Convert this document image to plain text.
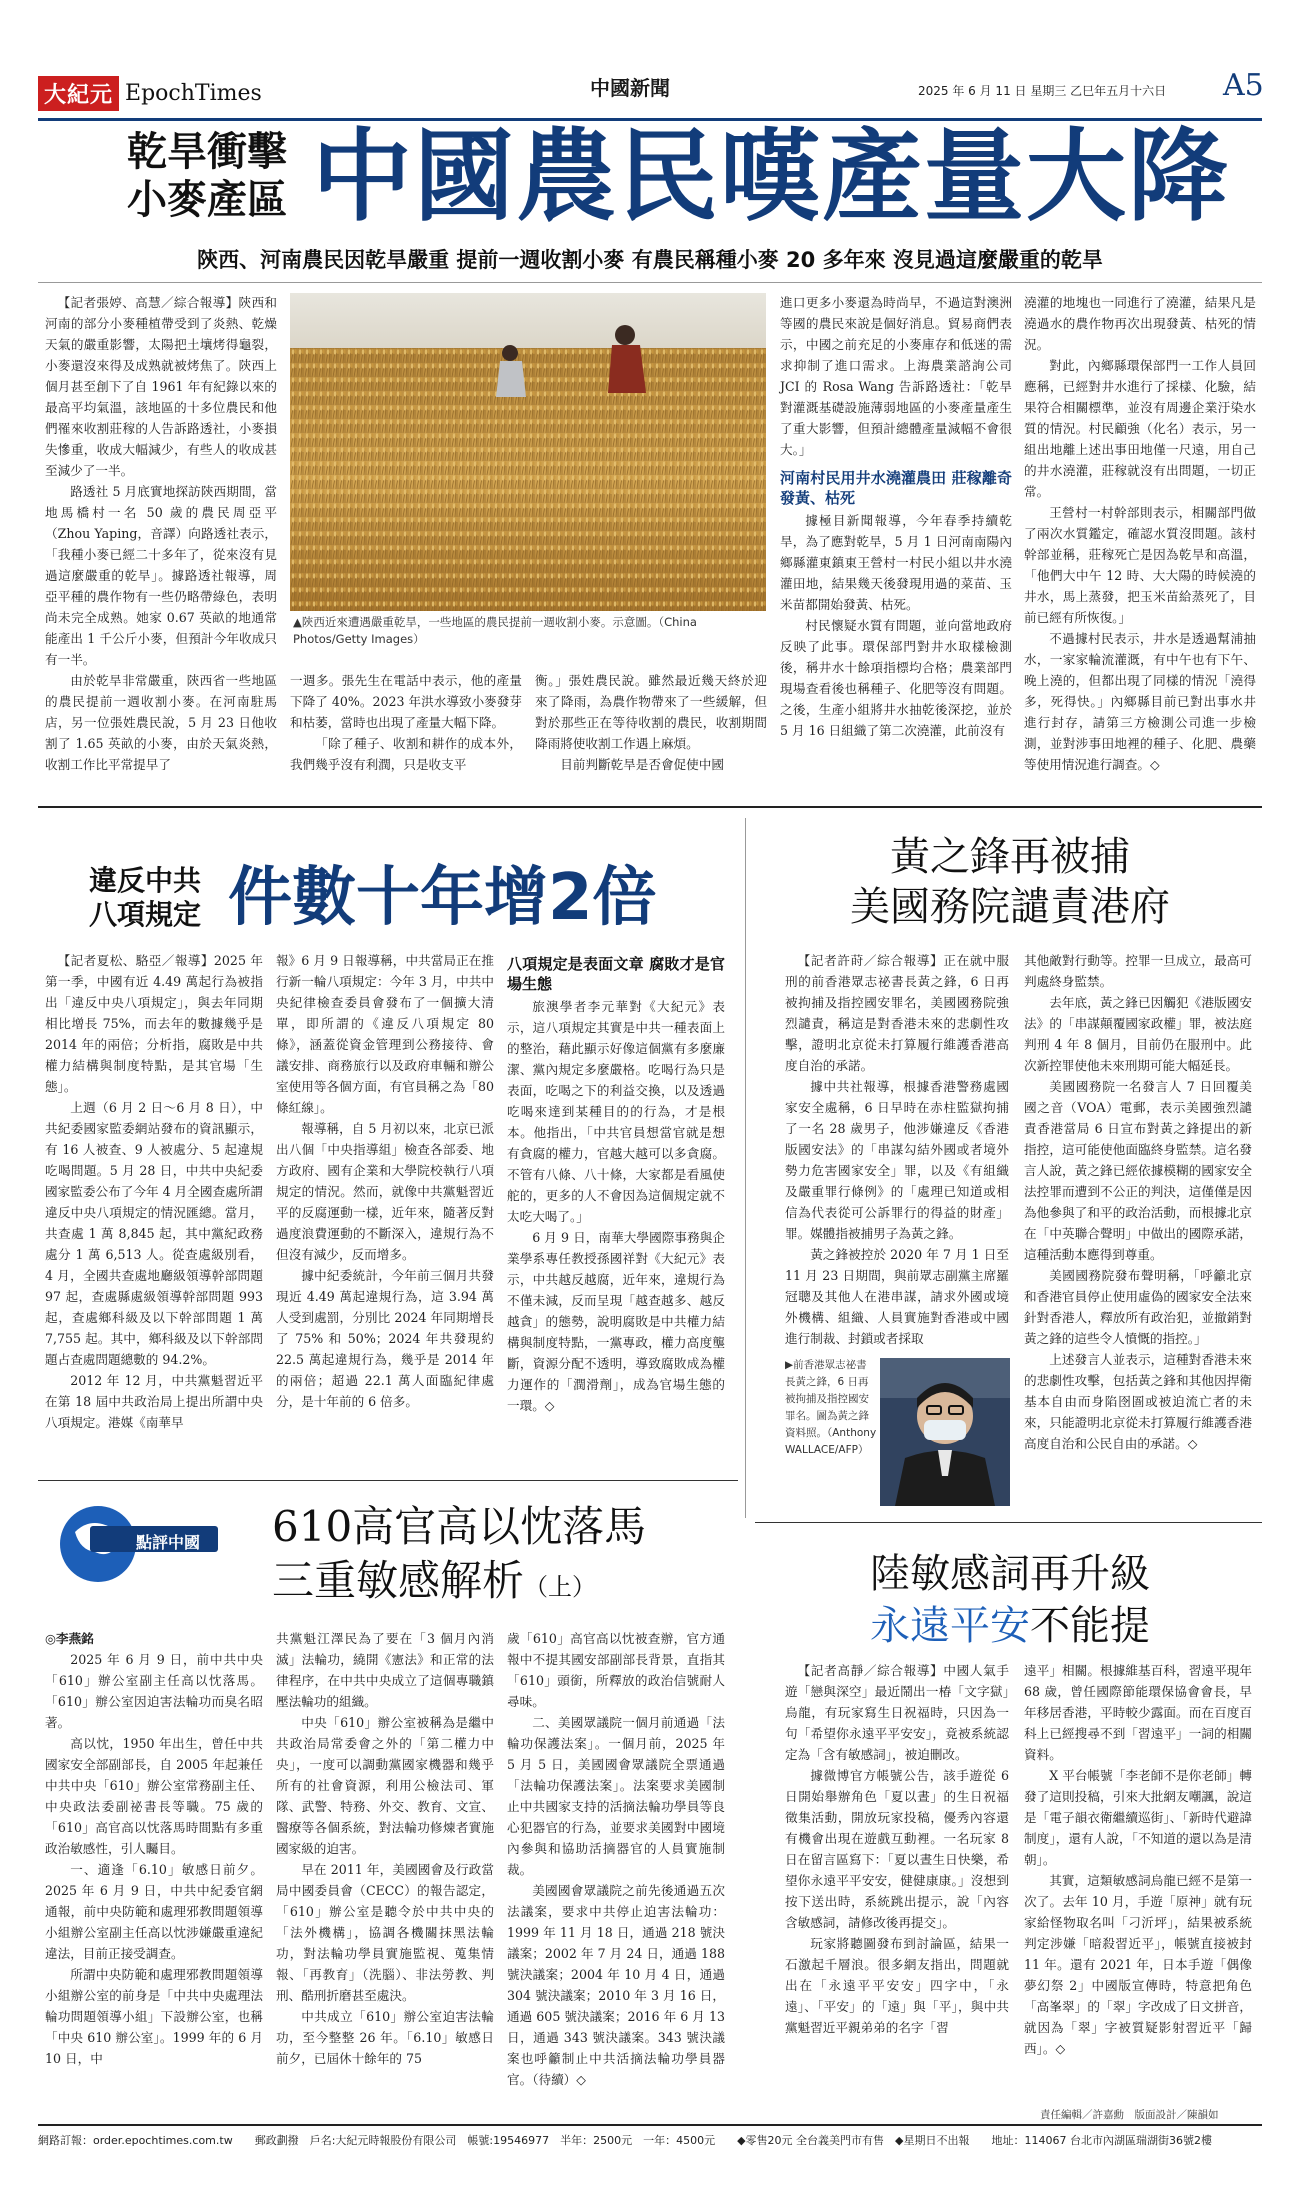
大紀元 EpochTimes	中國新聞	2025 年 6 月 11 日 星期三 乙巳年五月十六日 A5
乾旱衝擊
小麥產區 中國農民嘆產量大降
陝西、河南農民因乾旱嚴重 提前一週收割小麥 有農民稱種小麥 20 多年來 沒見過這麼嚴重的乾旱

【記者張婷、高慧／綜合報導】陝西和河南的部分小麥種植帶受到了炎熱、乾燥天氣的嚴重影響，太陽把土壤烤得龜裂，小麥還沒來得及成熟就被烤焦了。陝西上個月甚至創下了自 1961 年有紀錄以來的最高平均氣溫，該地區的十多位農民和他們罹來收割莊稼的人告訴路透社，小麥損失慘重，收成大幅減少，有些人的收成甚至減少了一半。

路透社 5 月底實地探訪陝西期間，當地馬橋村一名 50 歲的農民周亞平（Zhou Yaping，音譯）向路透社表示，「我種小麥已經二十多年了，從來沒有見過這麼嚴重的乾旱」。據路透社報導，周亞平種的農作物有一些仍略帶綠色，表明尚未完全成熟。她家 0.67 英畝的地通常能產出 1 千公斤小麥，但預計今年收成只有一半。

由於乾旱非常嚴重，陝西省一些地區的農民提前一週收割小麥。在河南駐馬店，另一位張姓農民說，5 月 23 日他收割了 1.65 英畝的小麥，由於天氣炎熱，收割工作比平常提早了

▲陝西近來遭遇嚴重乾旱，一些地區的農民提前一週收割小麥。示意圖。（China Photos/Getty Images）

一週多。張先生在電話中表示，他的產量下降了 40%。2023 年洪水導致小麥發芽和枯萎，當時也出現了產量大幅下降。

「除了種子、收割和耕作的成本外，我們幾乎沒有利潤，只是收支平

衡。」張姓農民說。雖然最近幾天終於迎來了降雨，為農作物帶來了一些緩解，但對於那些正在等待收割的農民，收割期間降雨將使收割工作遇上麻煩。

目前判斷乾旱是否會促使中國

進口更多小麥還為時尚早，不過這對澳洲等國的農民來說是個好消息。貿易商們表示，中國之前充足的小麥庫存和低迷的需求抑制了進口需求。上海農業諮詢公司 JCI 的 Rosa Wang 告訴路透社：「乾旱對灌溉基礎設施薄弱地區的小麥產量產生了重大影響，但預計總體產量減幅不會很大。」

河南村民用井水澆灌農田 莊稼離奇發黃、枯死

據極目新聞報導，今年春季持續乾旱，為了應對乾旱，5 月 1 日河南南陽內鄉縣灌東鎮東王營村一村民小組以井水澆灌田地，結果幾天後發現用過的菜苗、玉米苗都開始發黃、枯死。

村民懷疑水質有問題，並向當地政府反映了此事。環保部門對井水取樣檢測後，稱井水十餘項指標均合格；農業部門現場查看後也稱種子、化肥等沒有問題。之後，生產小組將井水抽乾後深挖，並於 5 月 16 日組織了第二次澆灌，此前沒有

澆灌的地塊也一同進行了澆灌，結果凡是澆過水的農作物再次出現發黃、枯死的情況。

對此，內鄉縣環保部門一工作人員回應稱，已經對井水進行了採樣、化驗，結果符合相關標準，並沒有周邊企業汙染水質的情況。村民顧強（化名）表示，另一組出地離上述出事田地僅一尺遠，用自己的井水澆灌，莊稼就沒有出問題，一切正常。

王營村一村幹部則表示，相關部門做了兩次水質鑑定，確認水質沒問題。該村幹部並稱，莊稼死亡是因為乾旱和高溫，「他們大中午 12 時、大大陽的時候澆的井水，馬上蒸發，把玉米苗給蒸死了，目前已經有所恢復。」

不過據村民表示，井水是透過幫浦抽水，一家家輪流灌溉，有中午也有下午、晚上澆的，但都出現了同樣的情況「澆得多，死得快。」內鄉縣目前已對出事水井進行封存，請第三方檢測公司進一步檢測，並對涉事田地裡的種子、化肥、農藥等使用情況進行調查。◇

違反中共
八項規定 件數十年增2倍

【記者夏松、駱亞／報導】2025 年第一季，中國有近 4.49 萬起行為被指出「違反中央八項規定」，與去年同期相比增長 75%，而去年的數據幾乎是 2014 年的兩倍；分析指，腐敗是中共權力結構與制度特點，是其官場「生態」。

上週（6 月 2 日～6 月 8 日），中共紀委國家監委網站發布的資訊顯示，有 16 人被查、9 人被處分、5 起違規吃喝問題。5 月 28 日，中共中央紀委國家監委公布了今年 4 月全國查處所謂違反中央八項規定的情況匯總。當月，共查處 1 萬 8,845 起，其中黨紀政務處分 1 萬 6,513 人。從查處級別看，4 月，全國共查處地廳級領導幹部問題 97 起，查處縣處級領導幹部問題 993 起，查處鄉科級及以下幹部問題 1 萬 7,755 起。其中，鄉科級及以下幹部問題占查處問題總數的 94.2%。

2012 年 12 月，中共黨魁習近平在第 18 屆中共政治局上提出所謂中央八項規定。港媒《南華早

報》6 月 9 日報導稱，中共當局正在推行新一輪八項規定：今年 3 月，中共中央紀律檢查委員會發布了一個擴大清單，即所謂的《違反八項規定 80 條》，涵蓋從資金管理到公務接待、會議安排、商務旅行以及政府車輛和辦公室使用等各個方面，有官員稱之為「80 條紅線」。

報導稱，自 5 月初以來，北京已派出八個「中央指導組」檢查各部委、地方政府、國有企業和大學院校執行八項規定的情況。然而，就像中共黨魁習近平的反腐運動一樣，近年來，隨著反對過度浪費運動的不斷深入，違規行為不但沒有減少，反而增多。

據中紀委統計，今年前三個月共發現近 4.49 萬起違規行為，這 3.94 萬人受到處罰，分別比 2024 年同期增長了 75% 和 50%；2024 年共發現約 22.5 萬起違規行為，幾乎是 2014 年的兩倍；超過 22.1 萬人面臨紀律處分，是十年前的 6 倍多。

八項規定是表面文章 腐敗才是官場生態

旅澳學者李元華對《大紀元》表示，這八項規定其實是中共一種表面上的整治，藉此顯示好像這個黨有多麼廉潔、黨內規定多麼嚴格。吃喝行為只是表面，吃喝之下的利益交換，以及透過吃喝來達到某種目的的行為，才是根本。他指出，「中共官員想當官就是想有貪腐的權力，官越大越可以多貪腐。不管有八條、八十條，大家都是看風使舵的，更多的人不會因為這個規定就不太吃大喝了。」

6 月 9 日，南華大學國際事務與企業學系專任教授孫國祥對《大紀元》表示，中共越反越腐，近年來，違規行為不僅未減，反而呈現「越查越多、越反越貪」的態勢，說明腐敗是中共權力結構與制度特點，一黨專政，權力高度壟斷，資源分配不透明，導致腐敗成為權力運作的「潤滑劑」，成為官場生態的一環。◇

黃之鋒再被捕
美國務院譴責港府

【記者許莳／綜合報導】正在就中服刑的前香港眾志祕書長黃之鋒，6 日再被拘捕及指控國安罪名，美國國務院強烈譴責，稱這是對香港未來的悲劇性攻擊，證明北京從未打算履行維護香港高度自治的承諾。

據中共社報導，根據香港警務處國家安全處稱，6 日早時在赤柱監獄拘捕了一名 28 歲男子，他涉嫌違反《香港版國安法》的「串謀勾結外國或者境外勢力危害國家安全」罪，以及《有組織及嚴重罪行條例》的「處理已知道或相信為代表從可公訴罪行的得益的財產」罪。媒體指被捕男子為黃之鋒。

黃之鋒被控於 2020 年 7 月 1 日至 11 月 23 日期間，與前眾志副黨主席羅冠聰及其他人在港串謀，請求外國或境外機構、組織、人員實施對香港或中國進行制裁、封鎖或者採取

▶前香港眾志祕書長黃之鋒，6 日再被拘捕及指控國安罪名。圖為黃之鋒資料照。（Anthony WALLACE/AFP）

其他敵對行動等。控罪一旦成立，最高可判處終身監禁。

去年底，黃之鋒已因觸犯《港版國安法》的「串謀顛覆國家政權」罪，被法庭判刑 4 年 8 個月，目前仍在服刑中。此次新控罪使他未來刑期可能大幅延長。

美國國務院一名發言人 7 日回覆美國之音（VOA）電郵，表示美國強烈譴責香港當局 6 日宣布對黃之鋒提出的新指控，這可能使他面臨終身監禁。這名發言人說，黃之鋒已經依據模糊的國家安全法控罪而遭到不公正的判決，這僅僅是因為他參與了和平的政治活動，而根據北京在「中英聯合聲明」中做出的國際承諾，這種活動本應得到尊重。

美國國務院發布聲明稱，「呼籲北京和香港官員停止使用虛偽的國家安全法來針對香港人，釋放所有政治犯，並撤銷對黃之鋒的這些令人憤慨的指控。」

上述發言人並表示，這種對香港未來的悲劇性攻擊，包括黃之鋒和其他因捍衛基本自由而身陷囹圄或被迫流亡者的未來，只能證明北京從未打算履行維護香港高度自治和公民自由的承諾。◇

點評中國 610高官高以忱落馬
三重敏感解析（上）

◎李燕銘

2025 年 6 月 9 日，前中共中央「610」辦公室副主任高以忱落馬。「610」辦公室因迫害法輪功而臭名昭著。

高以忱，1950 年出生，曾任中共國家安全部副部長，自 2005 年起兼任中共中央「610」辦公室常務副主任、中央政法委副祕書長等職。75 歲的「610」高官高以忱落馬時間點有多重政治敏感性，引人矚目。

一、適逢「6.10」敏感日前夕。2025 年 6 月 9 日，中共中紀委官網通報，前中央防範和處理邪教問題領導小組辦公室副主任高以忱涉嫌嚴重違紀違法，目前正接受調查。

所謂中央防範和處理邪教問題領導小組辦公室的前身是「中共中央處理法輪功問題領導小組」下設辦公室，也稱「中央 610 辦公室」。1999 年的 6 月 10 日，中

共黨魁江澤民為了要在「3 個月內消滅」法輪功，繞開《憲法》和正常的法律程序，在中共中央成立了這個專職鎮壓法輪功的組織。

中央「610」辦公室被稱為是繼中共政治局常委會之外的「第二權力中央」，一度可以調動黨國家機器和幾乎所有的社會資源，利用公檢法司、軍隊、武警、特務、外交、教育、文宣、醫療等各個系統，對法輪功修煉者實施國家級的迫害。

早在 2011 年，美國國會及行政當局中國委員會（CECC）的報告認定，「610」辦公室是聽令於中共中央的「法外機構」，協調各機關抹黑法輪功，對法輪功學員實施監視、蒐集情報、「再教育」（洗腦）、非法勞教、判刑、酷刑折磨甚至處決。

中共成立「610」辦公室迫害法輪功，至今整整 26 年。「6.10」敏感日前夕，已屆休十餘年的 75

歲「610」高官高以忱被查辦，官方通報中不提其國安部副部長背景，直指其「610」頭銜，所釋放的政治信號耐人尋味。

二、美國眾議院一個月前通過「法輪功保護法案」。一個月前，2025 年 5 月 5 日，美國國會眾議院全票通過「法輪功保護法案」。法案要求美國制止中共國家支持的活摘法輪功學員等良心犯器官的行為，並要求美國對中國境內參與和協助活摘器官的人員實施制裁。

美國國會眾議院之前先後通過五次法議案，要求中共停止迫害法輪功：1999 年 11 月 18 日，通過 218 號決議案；2002 年 7 月 24 日，通過 188 號決議案；2004 年 10 月 4 日，通過 304 號決議案；2010 年 3 月 16 日，通過 605 號決議案；2016 年 6 月 13 日，通過 343 號決議案。343 號決議案也呼籲制止中共活摘法輪功學員器官。（待續）◇

陸敏感詞再升級
永遠平安不能提

【記者高靜／綜合報導】中國人氣手遊「戀與深空」最近鬧出一椿「文字獄」烏龍，有玩家寫生日祝福時，只因為一句「希望你永遠平平安安」，竟被系統認定為「含有敏感詞」，被迫刪改。

據微博官方帳號公告，該手遊從 6 日開始舉辦角色「夏以晝」的生日祝福徵集活動，開放玩家投稿，優秀內容還有機會出現在遊戲互動裡。一名玩家 8 日在留言區寫下：「夏以晝生日快樂，希望你永遠平平安安，健健康康。」沒想到按下送出時，系統跳出提示，說「內容含敏感詞，請修改後再提交」。

玩家將聽圖發布到討論區，結果一石激起千層浪。很多網友指出，問題就出在「永遠平平安安」四字中，「永遠」、「平安」的「遠」與「平」，與中共黨魁習近平親弟弟的名字「習

遠平」相關。根據維基百科，習遠平現年 68 歲，曾任國際節能環保協會會長，早年移居香港，平時較少露面。而在百度百科上已經搜尋不到「習遠平」一詞的相關資料。

X 平台帳號「李老師不是你老師」轉發了這則投稿，引來大批網友嘲諷，說這是「電子韻衣衛繼續巡街」、「新時代避諱制度」，還有人說，「不知道的還以為是清朝」。

其實，這類敏感詞烏龍已經不是第一次了。去年 10 月，手遊「原神」就有玩家給怪物取名叫「刁沂坪」，結果被系統判定涉嫌「暗殺習近平」，帳號直接被封 11 年。還有 2021 年，日本手遊「偶像夢幻祭 2」中國版宣傳時，特意把角色「高峯翠」的「翠」字改成了日文拼音，就因為「翠」字被質疑影射習近平「歸西」。◇

責任編輯／許嘉勳　版面設計／陳韻如
網路訂報：order.epochtimes.com.tw 郵政劃撥　戶名:大紀元時報股份有限公司　帳號:19546977　半年：2500元　一年：4500元 ◆零售20元 全台義美門市有售　◆星期日不出報 地址：114067 台北市內湖區瑞湖街36號2樓
